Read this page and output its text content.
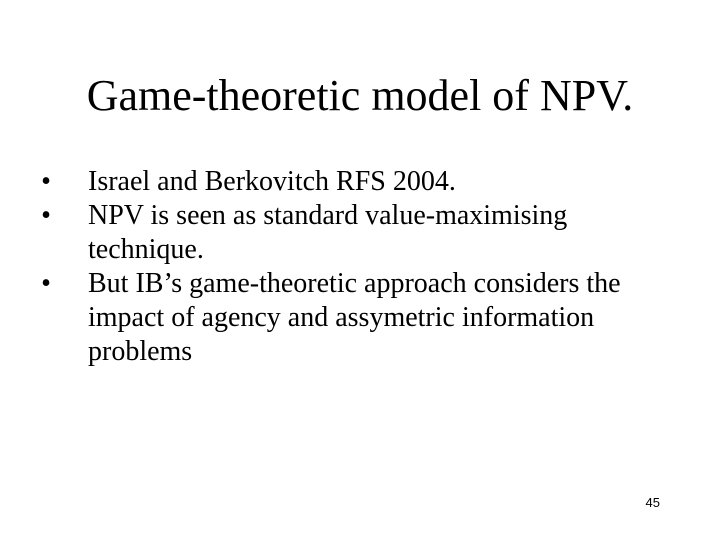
Game-theoretic model of NPV.
• Israel and Berkovitch RFS 2004.
• NPV is seen as standard value-maximising technique.
• But IB’s game-theoretic approach considers the impact of agency and assymetric information problems
45
